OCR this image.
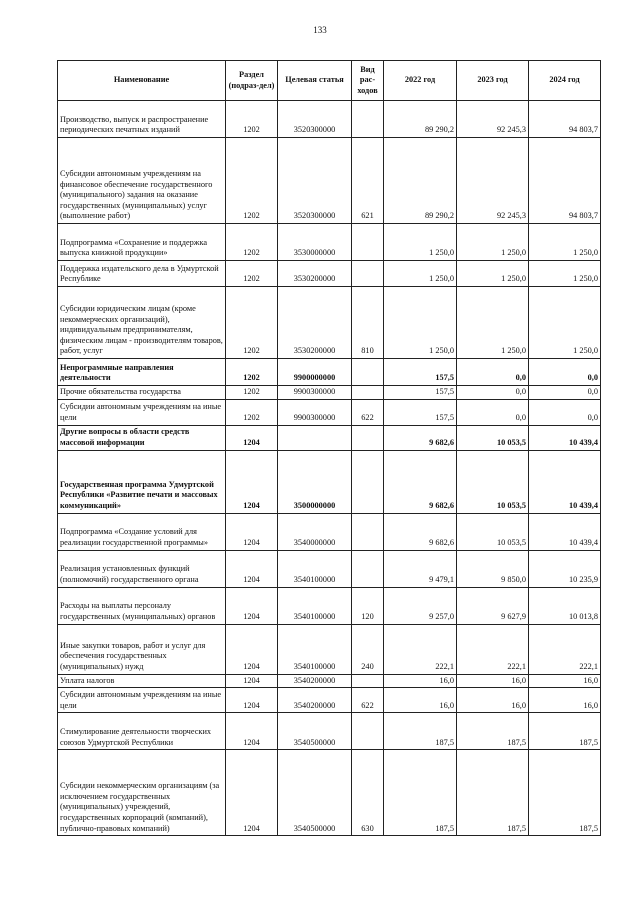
133
Наименование	Раздел (подраз-дел)	Целевая статья	Вид рас-ходов	2022 год	2023 год	2024 год
Производство, выпуск и распространение периодических печатных изданий	1202	3520300000		89 290,2	92 245,3	94 803,7
Субсидии автономным учреждениям на финансовое обеспечение государственного (муниципального) задания на оказание государственных (муниципальных) услуг (выполнение работ)	1202	3520300000	621	89 290,2	92 245,3	94 803,7
Подпрограмма «Сохранение и поддержка выпуска книжной продукции»	1202	3530000000		1 250,0	1 250,0	1 250,0
Поддержка издательского дела в Удмуртской Республике	1202	3530200000		1 250,0	1 250,0	1 250,0
Субсидии юридическим лицам (кроме некоммерческих организаций), индивидуальным предпринимателям, физическим лицам - производителям товаров, работ, услуг	1202	3530200000	810	1 250,0	1 250,0	1 250,0
Непрограммные направления деятельности	1202	9900000000		157,5	0,0	0,0
Прочие обязательства государства	1202	9900300000		157,5	0,0	0,0
Субсидии автономным учреждениям на иные цели	1202	9900300000	622	157,5	0,0	0,0
Другие вопросы в области средств массовой информации	1204			9 682,6	10 053,5	10 439,4
Государственная программа Удмуртской Республики «Развитие печати и массовых коммуникаций»	1204	3500000000		9 682,6	10 053,5	10 439,4
Подпрограмма «Создание условий для реализации государственной программы»	1204	3540000000		9 682,6	10 053,5	10 439,4
Реализация установленных функций (полномочий) государственного органа	1204	3540100000		9 479,1	9 850,0	10 235,9
Расходы на выплаты персоналу государственных (муниципальных) органов	1204	3540100000	120	9 257,0	9 627,9	10 013,8
Иные закупки товаров, работ и услуг для обеспечения государственных (муниципальных) нужд	1204	3540100000	240	222,1	222,1	222,1
Уплата налогов	1204	3540200000		16,0	16,0	16,0
Субсидии автономным учреждениям на иные цели	1204	3540200000	622	16,0	16,0	16,0
Стимулирование деятельности творческих союзов Удмуртской Республики	1204	3540500000		187,5	187,5	187,5
Субсидии некоммерческим организациям (за исключением государственных (муниципальных) учреждений, государственных корпораций (компаний), публично-правовых компаний)	1204	3540500000	630	187,5	187,5	187,5
